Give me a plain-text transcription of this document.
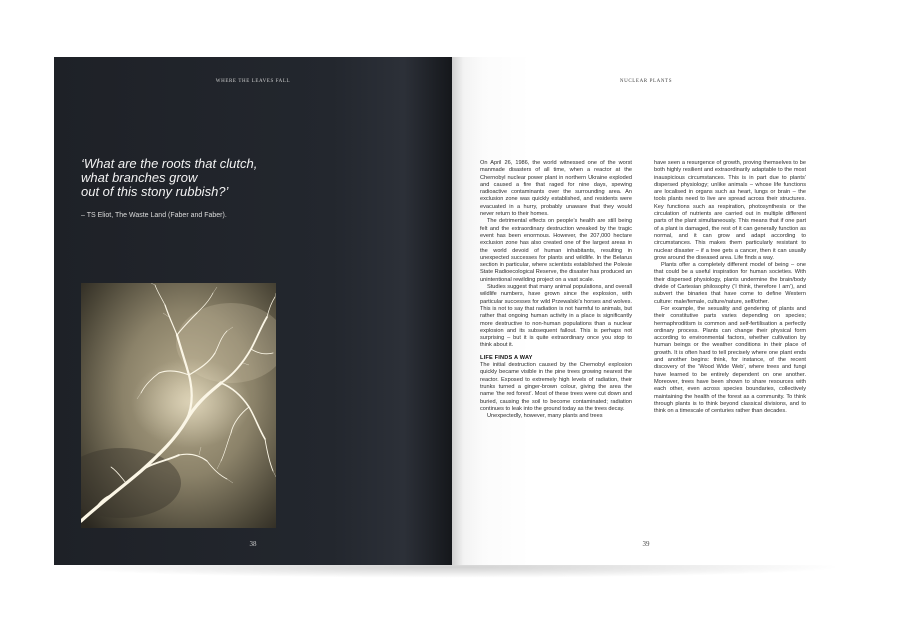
WHERE THE LEAVES FALL

‘What are the roots that clutch,
what branches grow
out of this stony rubbish?’

– TS Eliot, The Waste Land (Faber and Faber).
38
NUCLEAR PLANTS

On April 26, 1986, the world witnessed one of the worst manmade disasters of all time, when a reactor at the Chernobyl nuclear power plant in northern Ukraine exploded and caused a fire that raged for nine days, spewing radioactive contaminants over the surrounding area. An exclusion zone was quickly established, and residents were evacuated in a hurry, probably unaware that they would never return to their homes.

The detrimental effects on people’s health are still being felt and the extraordinary destruction wreaked by the tragic event has been enormous. However, the 207,000 hectare exclusion zone has also created one of the largest areas in the world devoid of human inhabitants, resulting in unexpected successes for plants and wildlife. In the Belarus section in particular, where scientists established the Polesie State Radioecological Reserve, the disaster has produced an unintentional rewilding project on a vast scale.

Studies suggest that many animal populations, and overall wildlife numbers, have grown since the explosion, with particular successes for wild Przewalski’s horses and wolves. This is not to say that radiation is not harmful to animals, but rather that ongoing human activity in a place is significantly more destructive to non-human populations than a nuclear explosion and its subsequent fallout. This is perhaps not surprising – but it is quite extraordinary once you stop to think about it.

LIFE FINDS A WAY

The initial destruction caused by the Chernobyl explosion quickly became visible in the pine trees growing nearest the reactor. Exposed to extremely high levels of radiation, their trunks turned a ginger-brown colour, giving the area the name ‘the red forest’. Most of these trees were cut down and buried, causing the soil to become contaminated; radiation continues to leak into the ground today as the trees decay.

Unexpectedly, however, many plants and trees

have seen a resurgence of growth, proving themselves to be both highly resilient and extraordinarily adaptable to the most inauspicious circumstances. This is in part due to plants’ dispersed physiology; unlike animals – whose life functions are localised in organs such as heart, lungs or brain – the tools plants need to live are spread across their structures. Key functions such as respiration, photosynthesis or the circulation of nutrients are carried out in multiple different parts of the plant simultaneously. This means that if one part of a plant is damaged, the rest of it can generally function as normal, and it can grow and adapt according to circumstances. This makes them particularly resistant to nuclear disaster – if a tree gets a cancer, then it can usually grow around the diseased area. Life finds a way.

Plants offer a completely different model of being – one that could be a useful inspiration for human societies. With their dispersed physiology, plants undermine the brain/body divide of Cartesian philosophy (‘I think, therefore I am’), and subvert the binaries that have come to define Western culture: male/female, culture/nature, self/other.

For example, the sexuality and gendering of plants and their constitutive parts varies depending on species; hermaphroditism is common and self-fertilisation a perfectly ordinary process. Plants can change their physical form according to environmental factors, whether cultivation by human beings or the weather conditions in their place of growth. It is often hard to tell precisely where one plant ends and another begins: think, for instance, of the recent discovery of the ‘Wood Wide Web’, where trees and fungi have learned to be entirely dependent on one another. Moreover, trees have been shown to share resources with each other, even across species boundaries, collectively maintaining the health of the forest as a community. To think through plants is to think beyond classical divisions, and to think on a timescale of centuries rather than decades.

39
